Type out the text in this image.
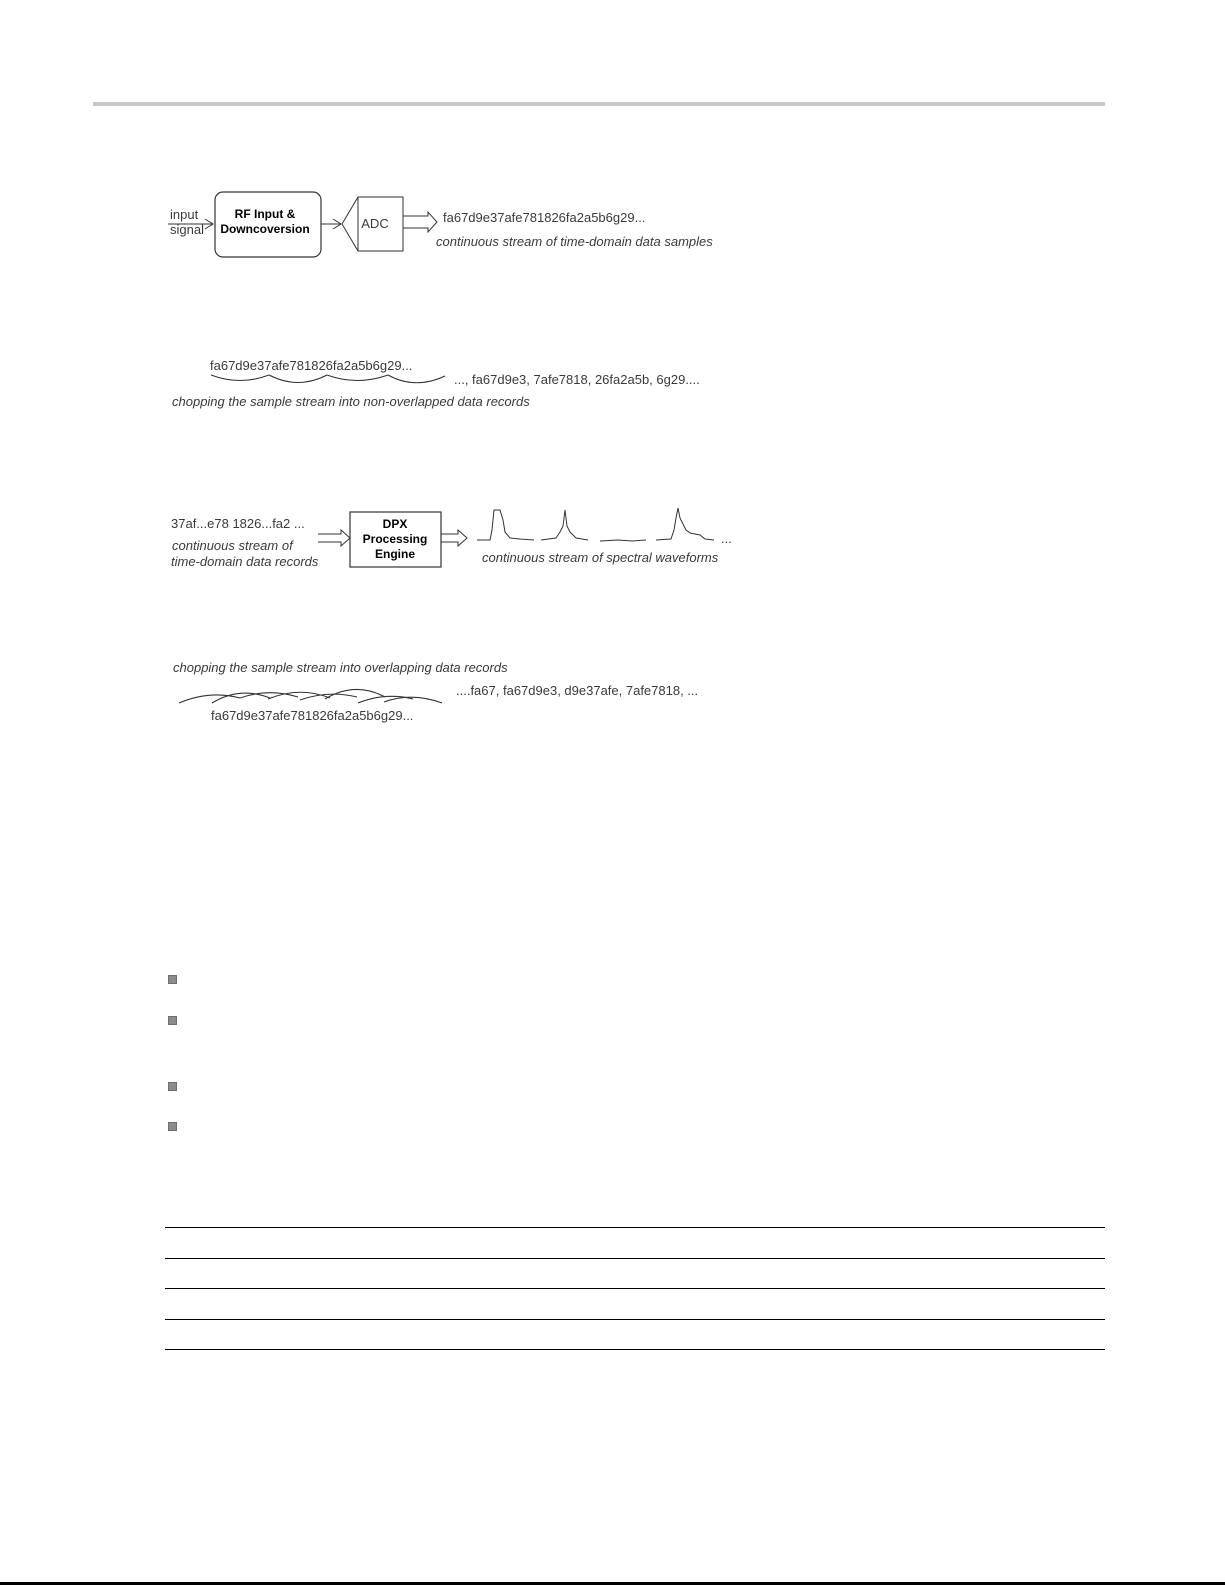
input
signal
RF Input &
Downcoversion	ADC	fa67d9e37afe781826fa2a5b6g29...
continuous stream of time-domain data samples
fa67d9e37afe781826fa2a5b6g29...
..., fa67d9e3, 7afe7818, 26fa2a5b, 6g29....
chopping the sample stream into non-overlapped data records
37af...e78 1826...fa2 ...
continuous stream of
time-domain data records
DPX
Processing
Engine
...
continuous stream of spectral waveforms
chopping the sample stream into overlapping data records
....fa67, fa67d9e3, d9e37afe, 7afe7818, ...
fa67d9e37afe781826fa2a5b6g29...
